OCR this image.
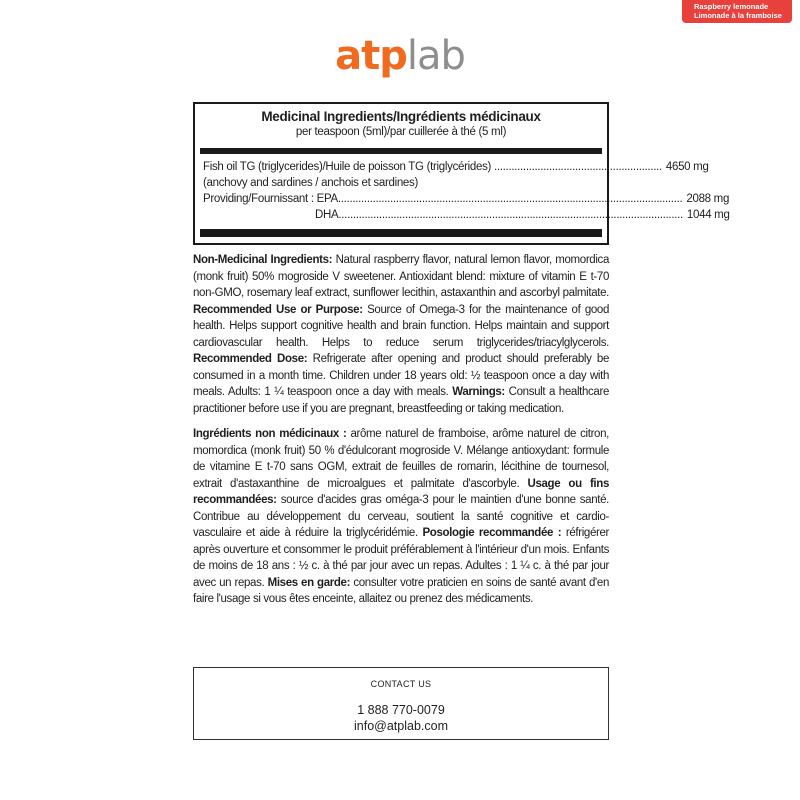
Raspberry lemonade
Limonade à la framboise
atplab
Medicinal Ingredients/Ingrédients médicinaux
per teaspoon (5ml)/par cuillerée à thé (5 ml)
Fish oil TG (triglycerides)/Huile de poisson TG (triglycérides) .......................................................... 4650 mg
(anchovy and sardines / anchois et sardines)
Providing/Fournissant : EPA ....................................................................................................................... 2088 mg
DHA ....................................................................................................................... 1044 mg

Non-Medicinal Ingredients: Natural raspberry flavor, natural lemon flavor, momordica (monk fruit) 50% mogroside V sweetener. Antioxidant blend: mixture of vitamin E t-70 non-GMO, rosemary leaf extract, sunflower lecithin, astaxanthin and ascorbyl palmitate. Recommended Use or Purpose: Source of Omega-3 for the maintenance of good health. Helps support cognitive health and brain function. Helps maintain and support cardiovascular health. Helps to reduce serum triglycerides/triacylglycerols. Recommended Dose: Refrigerate after opening and product should preferably be consumed in a month time. Children under 18 years old: ½ teaspoon once a day with meals. Adults: 1 ¼ teaspoon once a day with meals. Warnings: Consult a healthcare practitioner before use if you are pregnant, breastfeeding or taking medication.

Ingrédients non médicinaux : arôme naturel de framboise, arôme naturel de citron, momordica (monk fruit) 50 % d'édulcorant mogroside V. Mélange antioxydant: formule de vitamine E t-70 sans OGM, extrait de feuilles de romarin, lécithine de tournesol, extrait d'astaxanthine de microalgues et palmitate d'ascorbyle. Usage ou fins recommandées: source d'acides gras oméga-3 pour le maintien d'une bonne santé. Contribue au développement du cerveau, soutient la santé cognitive et cardio-vasculaire et aide à réduire la triglycéridémie. Posologie recommandée : réfrigérer après ouverture et consommer le produit préférablement à l'intérieur d'un mois. Enfants de moins de 18 ans : ½ c. à thé par jour avec un repas. Adultes : 1 ¼ c. à thé par jour avec un repas. Mises en garde: consulter votre praticien en soins de santé avant d'en faire l'usage si vous êtes enceinte, allaitez ou prenez des médicaments.

CONTACT US
1 888 770-0079
info@atplab.com
